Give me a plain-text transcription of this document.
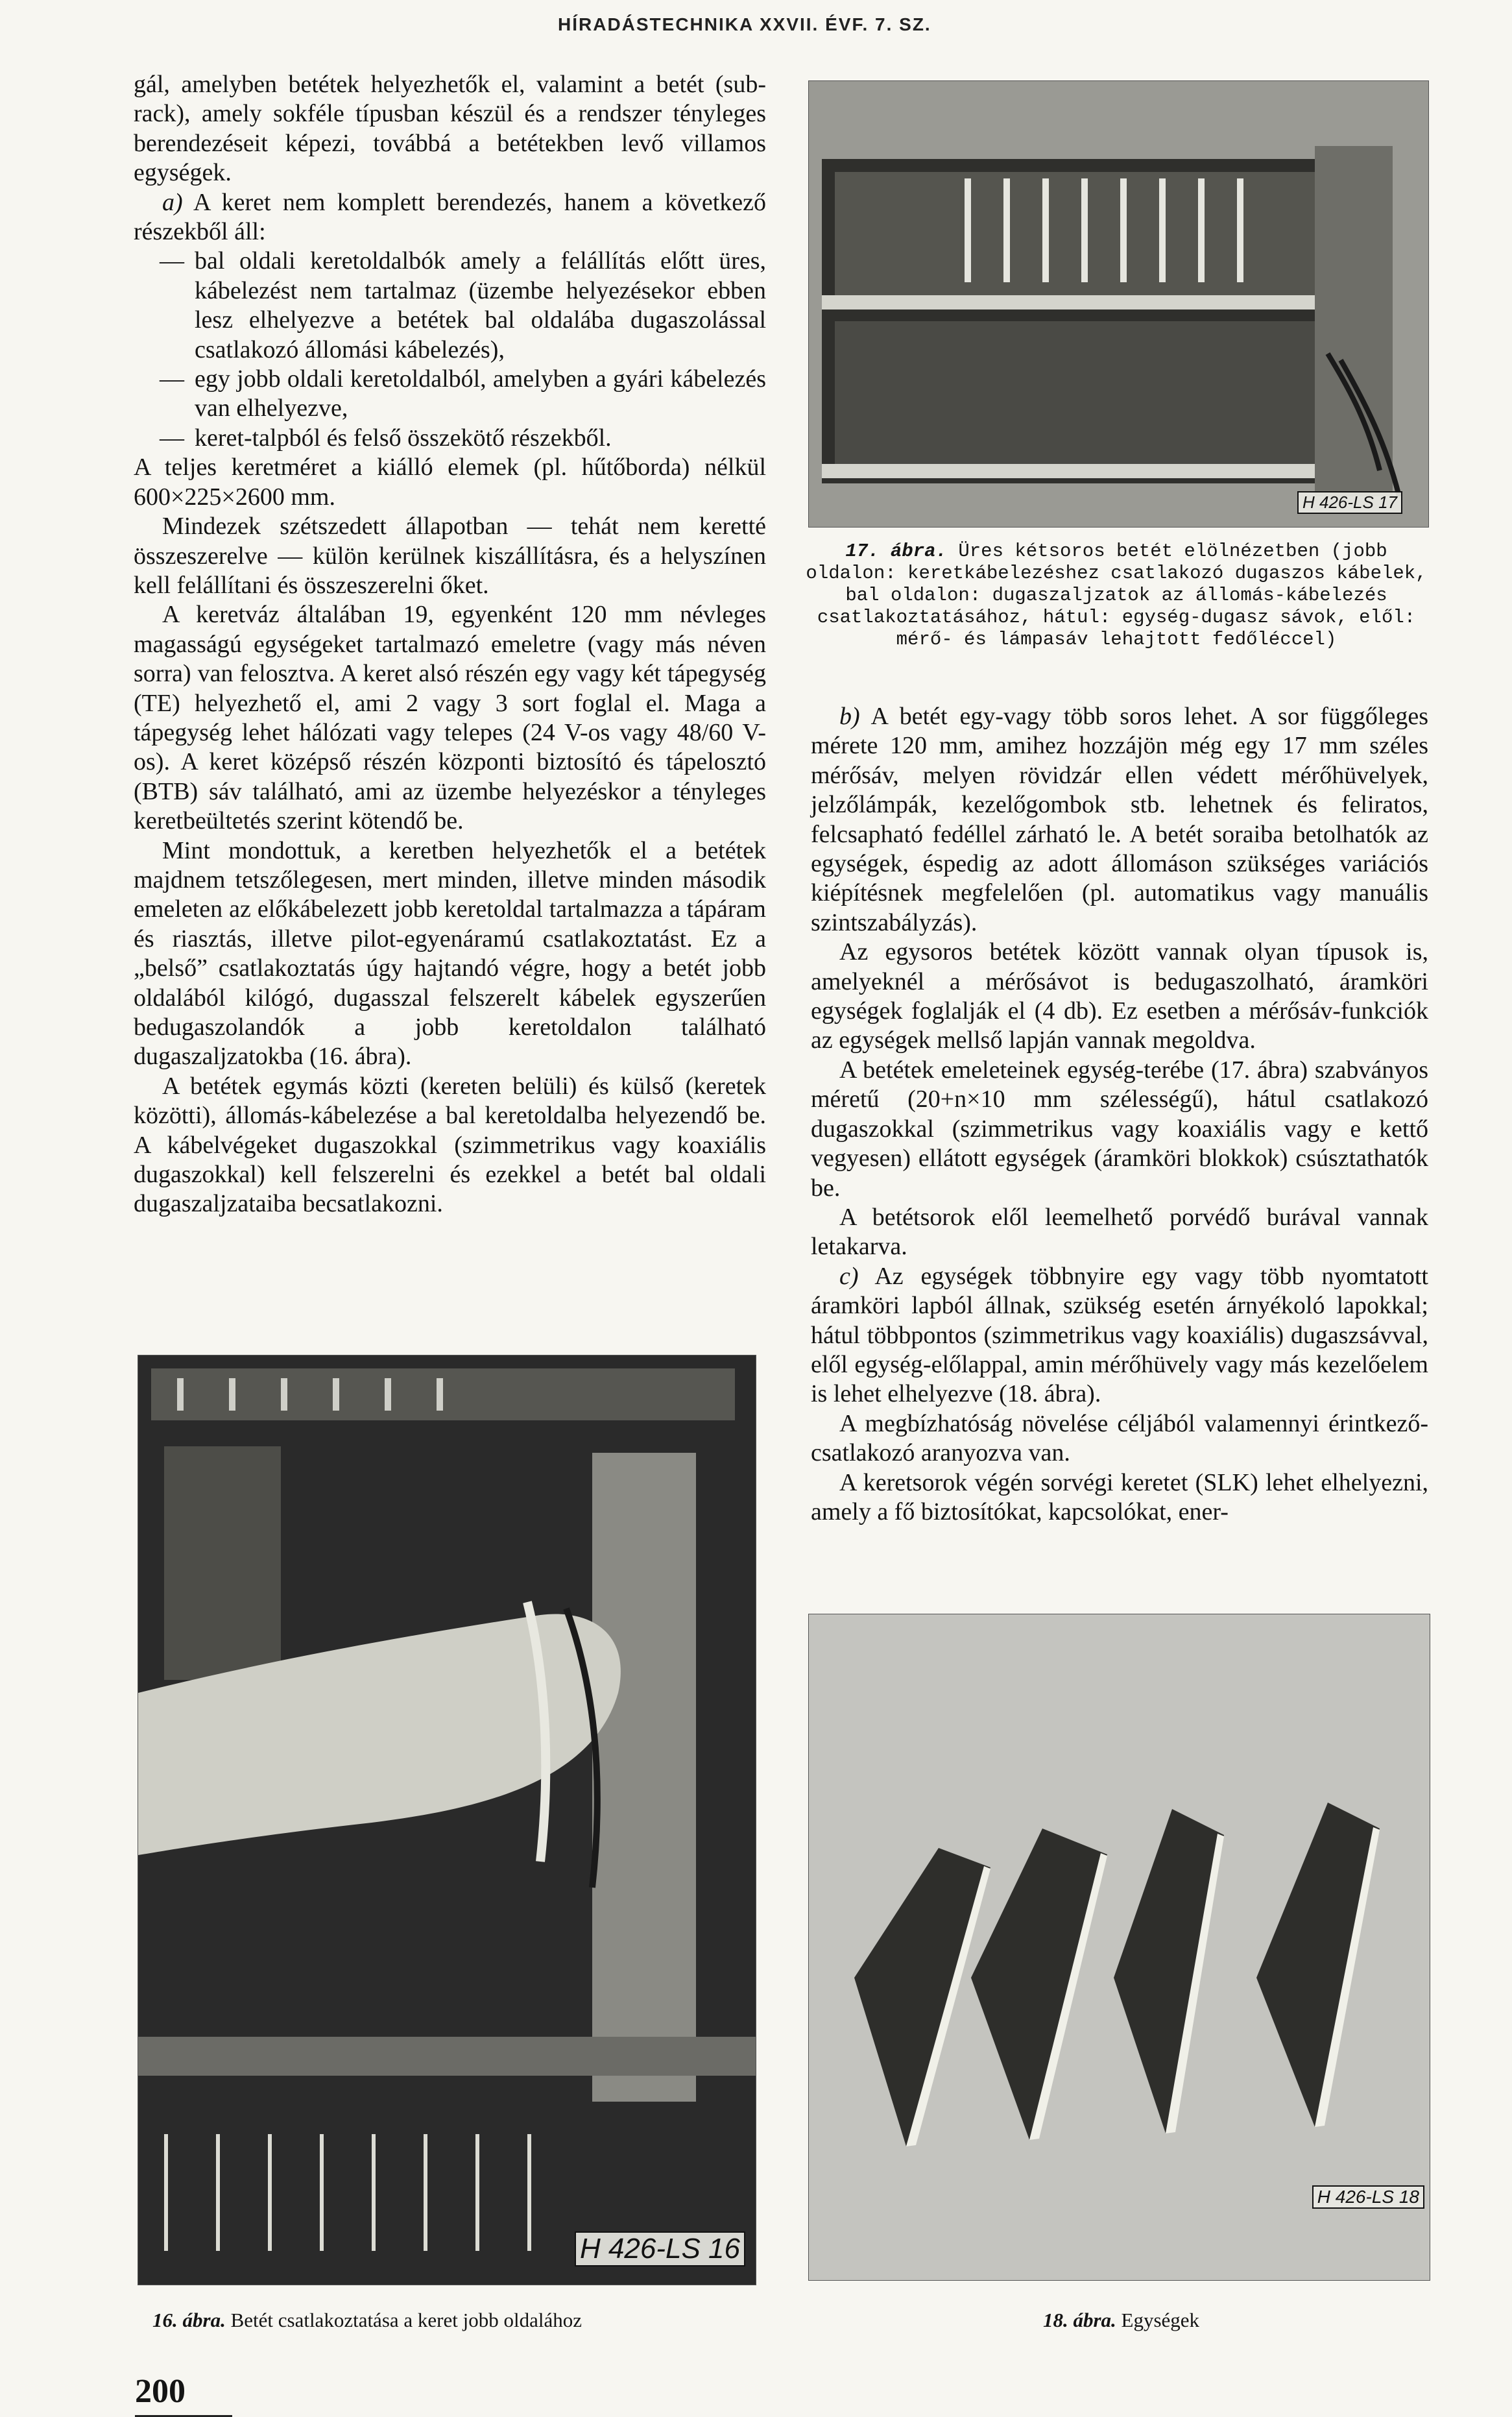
HÍRADÁSTECHNIKA XXVII. ÉVF. 7. SZ.

gál, amelyben betétek helyezhetők el, valamint a betét (sub-rack), amely sokféle típusban készül és a rendszer tényleges berendezéseit képezi, továbbá a betétekben levő villamos egységek.

a) A keret nem komplett berendezés, hanem a következő részekből áll:

— bal oldali keretoldalbók amely a felállítás előtt üres, kábelezést nem tartalmaz (üzembe helyezésekor ebben lesz elhelyezve a betétek bal oldalába dugaszolással csatlakozó állomási kábelezés),
— egy jobb oldali keretoldalból, amelyben a gyári kábelezés van elhelyezve,
— keret-talpból és felső összekötő részekből.

A teljes keretméret a kiálló elemek (pl. hűtőborda) nélkül 600×225×2600 mm.

Mindezek szétszedett állapotban — tehát nem keretté összeszerelve — külön kerülnek kiszállításra, és a helyszínen kell felállítani és összeszerelni őket.

A keretváz általában 19, egyenként 120 mm névleges magasságú egységeket tartalmazó emeletre (vagy más néven sorra) van felosztva. A keret alsó részén egy vagy két tápegység (TE) helyezhető el, ami 2 vagy 3 sort foglal el. Maga a tápegység lehet hálózati vagy telepes (24 V-os vagy 48/60 V-os). A keret középső részén központi biztosító és tápelosztó (BTB) sáv található, ami az üzembe helyezéskor a tényleges keretbeültetés szerint kötendő be.

Mint mondottuk, a keretben helyezhetők el a betétek majdnem tetszőlegesen, mert minden, illetve minden második emeleten az előkábelezett jobb keretoldal tartalmazza a tápáram és riasztás, illetve pilot-egyenáramú csatlakoztatást. Ez a „belső” csatlakoztatás úgy hajtandó végre, hogy a betét jobb oldalából kilógó, dugasszal felszerelt kábelek egyszerűen bedugaszolandók a jobb keretoldalon található dugaszaljzatokba (16. ábra).

A betétek egymás közti (kereten belüli) és külső (keretek közötti), állomás-kábelezése a bal keretoldalba helyezendő be. A kábelvégeket dugaszokkal (szimmetrikus vagy koaxiális dugaszokkal) kell felszerelni és ezekkel a betét bal oldali dugaszaljzataiba becsatlakozni.

H 426-LS 17
17. ábra. Üres kétsoros betét elölnézetben (jobb oldalon: keretkábelezéshez csatlakozó dugaszos kábelek, bal oldalon: dugaszaljzatok az állomás-kábelezés csatlakoztatásához, hátul: egység-dugasz sávok, elől: mérő- és lámpasáv lehajtott fedőléccel)

b) A betét egy-vagy több soros lehet. A sor függőleges mérete 120 mm, amihez hozzájön még egy 17 mm széles mérősáv, melyen rövidzár ellen védett mérőhüvelyek, jelzőlámpák, kezelőgombok stb. lehetnek és feliratos, felcsapható fedéllel zárható le. A betét soraiba betolhatók az egységek, éspedig az adott állomáson szükséges variációs kiépítésnek megfelelően (pl. automatikus vagy manuális szintszabályzás).

Az egysoros betétek között vannak olyan típusok is, amelyeknél a mérősávot is bedugaszolható, áramköri egységek foglalják el (4 db). Ez esetben a mérősáv-funkciók az egységek mellső lapján vannak megoldva.

A betétek emeleteinek egység-terébe (17. ábra) szabványos méretű (20+n×10 mm szélességű), hátul csatlakozó dugaszokkal (szimmetrikus vagy koaxiális vagy e kettő vegyesen) ellátott egységek (áramköri blokkok) csúsztathatók be.

A betétsorok elől leemelhető porvédő burával vannak letakarva.

c) Az egységek többnyire egy vagy több nyomtatott áramköri lapból állnak, szükség esetén árnyékoló lapokkal; hátul többpontos (szimmetrikus vagy koaxiális) dugaszsávval, elől egység-előlappal, amin mérőhüvely vagy más kezelőelem is lehet elhelyezve (18. ábra).

A megbízhatóság növelése céljából valamennyi érintkező-csatlakozó aranyozva van.

A keretsorok végén sorvégi keretet (SLK) lehet elhelyezni, amely a fő biztosítókat, kapcsolókat, ener-

H 426-LS 16
H 426-LS 18
16. ábra. Betét csatlakoztatása a keret jobb oldalához	18. ábra. Egységek
200
